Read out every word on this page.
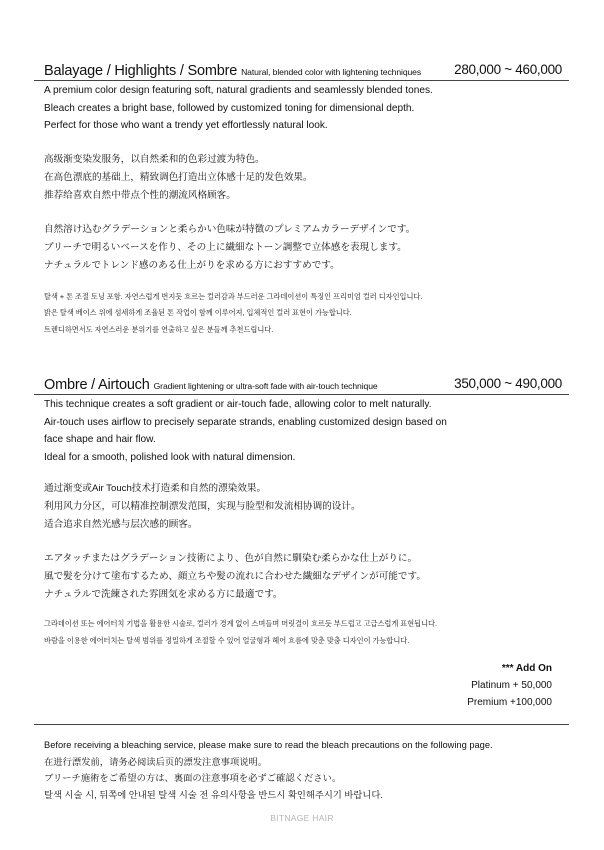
Balayage / Highlights / Sombre Natural, blended color with lightening techniques 280,000 ~ 460,000

A premium color design featuring soft, natural gradients and seamlessly blended tones.

Bleach creates a bright base, followed by customized toning for dimensional depth.

Perfect for those who want a trendy yet effortlessly natural look.

高级渐变染发服务，以自然柔和的色彩过渡为特色。

在高色漂底的基础上，精致调色打造出立体感十足的发色效果。

推荐给喜欢自然中带点个性的潮流风格顾客。

自然溶け込むグラデーションと柔らかい色味が特徴のプレミアムカラーデザインです。

ブリーチで明るいベースを作り、その上に繊細なトーン調整で立体感を表現します。

ナチュラルでトレンド感のある仕上がりを求める方におすすめです。

탈색 + 톤 조절 토닝 포함. 자연스럽게 번지듯 흐르는 컬러감과 부드러운 그라데이션이 특징인 프리미엄 컬러 디자인입니다.

밝은 탈색 베이스 위에 섬세하게 조율된 톤 작업이 함께 이루어져, 입체적인 컬러 표현이 가능합니다.

트렌디하면서도 자연스러운 분위기를 연출하고 싶은 분들께 추천드립니다.

Ombre / Airtouch Gradient lightening or ultra-soft fade with air-touch technique	350,000 ~ 490,000

This technique creates a soft gradient or air-touch fade, allowing color to melt naturally.

Air-touch uses airflow to precisely separate strands, enabling customized design based on

face shape and hair flow.

Ideal for a smooth, polished look with natural dimension.

通过渐变或Air Touch技术打造柔和自然的漂染效果。

利用风力分区，可以精准控制漂发范围，实现与脸型和发流相协调的设计。

适合追求自然光感与层次感的顾客。

エアタッチまたはグラデーション技術により、色が自然に馴染む柔らかな仕上がりに。

風で髪を分けて塗布するため、顔立ちや髪の流れに合わせた繊細なデザインが可能です。

ナチュラルで洗練された雰囲気を求める方に最適です。

그라데이션 또는 에어터치 기법을 활용한 시술로, 컬러가 경계 없이 스며들며 머릿결이 흐르듯 부드럽고 고급스럽게 표현됩니다.

바람을 이용한 에어터치는 탈색 범위를 정밀하게 조절할 수 있어 얼굴형과 헤어 흐름에 맞춘 맞춤 디자인이 가능합니다.

*** Add On
Platinum + 50,000
Premium +100,000

Before receiving a bleaching service, please make sure to read the bleach precautions on the following page.

在进行漂发前，请务必阅读后页的漂发注意事项说明。

ブリーチ施術をご希望の方は、裏面の注意事項を必ずご確認ください。

탈색 시술 시, 뒤쪽에 안내된 탈색 시술 전 유의사항을 반드시 확인해주시기 바랍니다.

BITNAGE HAIR
